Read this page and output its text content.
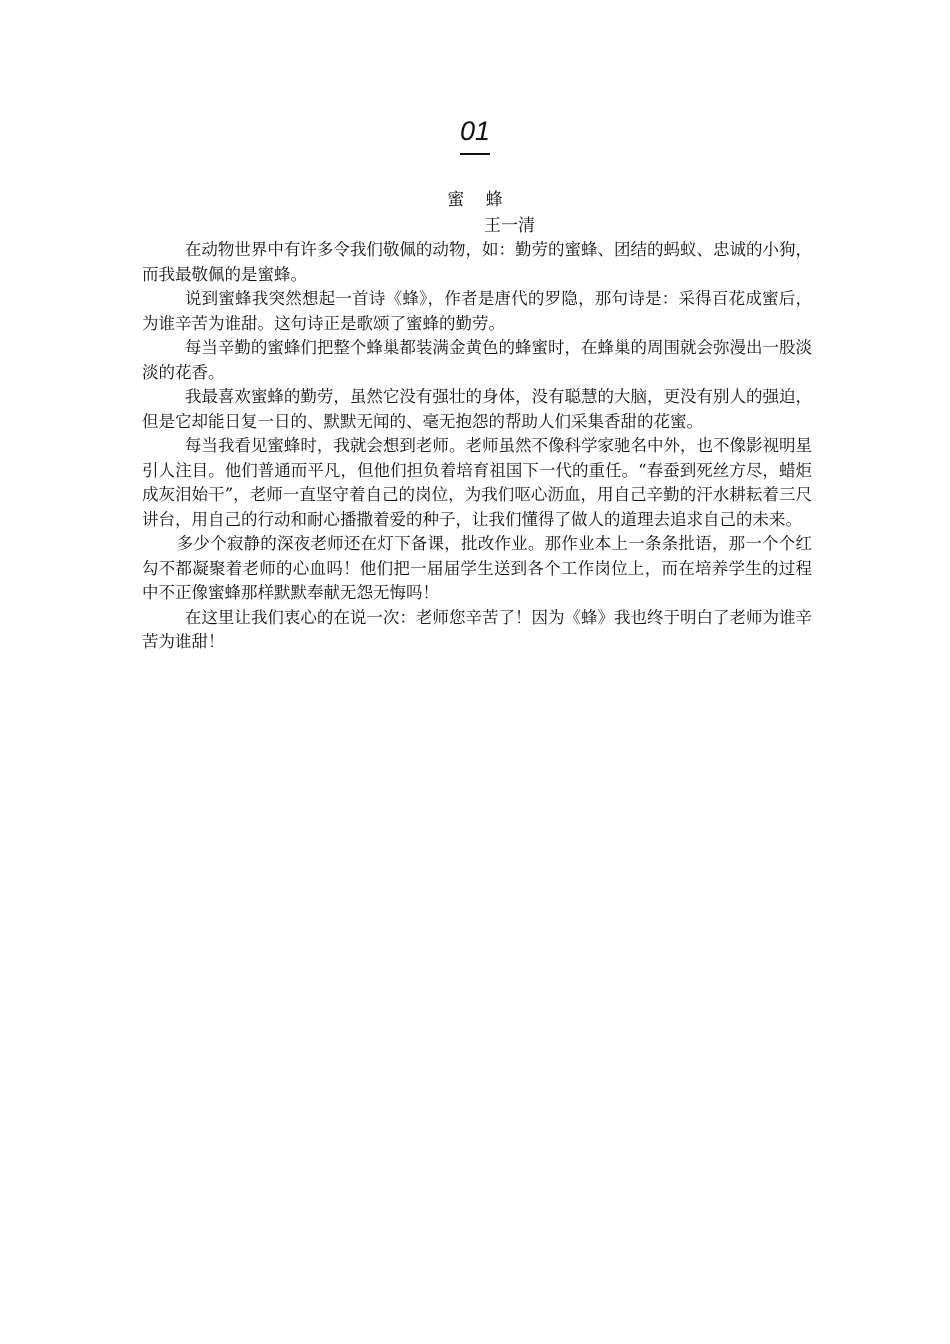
01
蜜 蜂
王一清

在动物世界中有许多令我们敬佩的动物，如：勤劳的蜜蜂、团结的蚂蚁、忠诚的小狗，而我最敬佩的是蜜蜂。

说到蜜蜂我突然想起一首诗《蜂》，作者是唐代的罗隐，那句诗是：采得百花成蜜后，为谁辛苦为谁甜。这句诗正是歌颂了蜜蜂的勤劳。

每当辛勤的蜜蜂们把整个蜂巢都装满金黄色的蜂蜜时，在蜂巢的周围就会弥漫出一股淡淡的花香。

我最喜欢蜜蜂的勤劳，虽然它没有强壮的身体，没有聪慧的大脑，更没有别人的强迫，但是它却能日复一日的、默默无闻的、毫无抱怨的帮助人们采集香甜的花蜜。

每当我看见蜜蜂时，我就会想到老师。老师虽然不像科学家驰名中外，也不像影视明星引人注目。他们普通而平凡，但他们担负着培育祖国下一代的重任。“春蚕到死丝方尽，蜡炬成灰泪始干”，老师一直坚守着自己的岗位，为我们呕心沥血，用自己辛勤的汗水耕耘着三尺讲台，用自己的行动和耐心播撒着爱的种子，让我们懂得了做人的道理去追求自己的未来。

多少个寂静的深夜老师还在灯下备课，批改作业。那作业本上一条条批语，那一个个红勾不都凝聚着老师的心血吗！他们把一届届学生送到各个工作岗位上，而在培养学生的过程中不正像蜜蜂那样默默奉献无怨无悔吗！

在这里让我们衷心的在说一次：老师您辛苦了！因为《蜂》我也终于明白了老师为谁辛苦为谁甜！
